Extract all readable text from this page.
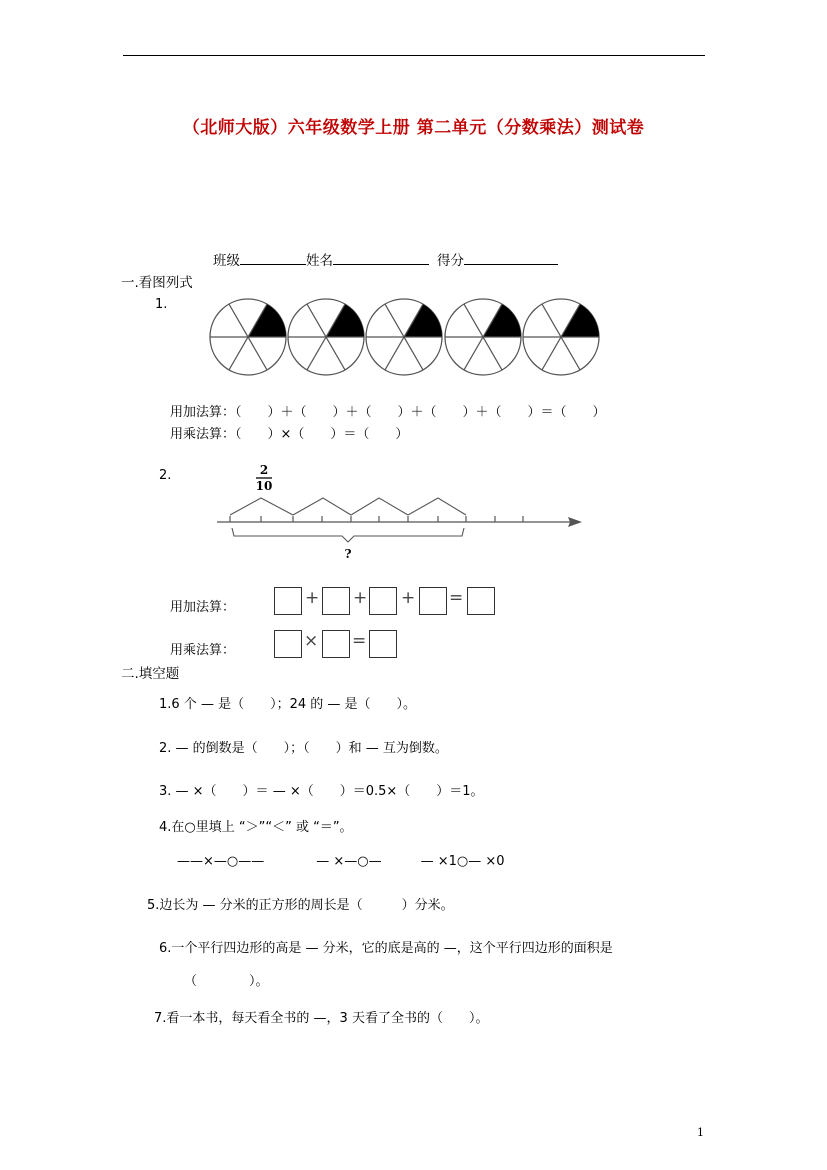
（北师大版）六年级数学上册 第二单元（分数乘法）测试卷
班级	姓名	得分
一.看图列式
1.
用加法算：（　　）＋（　　）＋（　　）＋（　　）＋（　　）＝（　　）
用乘法算：（　　）×（　　）＝（　　）
2.	2
10
?
用加法算：	+ + + =
用乘法算：	× =
二.填空题
1.6 个 — 是（　　）；24 的 — 是（　　）。
2. — 的倒数是（　　）；（　　）和 — 互为倒数。
3. — ×（　　）＝ — ×（　　）＝0.5×（　　）＝1。
4.在○里填上 “＞”“＜” 或 “＝”。
——×—○——　　　　— ×—○—　　　— ×1○— ×0
5.边长为 — 分米的正方形的周长是（　　　）分米。
6.一个平行四边形的高是 — 分米，它的底是高的 —，这个平行四边形的面积是
（　　　　）。
7.看一本书，每天看全书的 —，3 天看了全书的（　　）。
1
